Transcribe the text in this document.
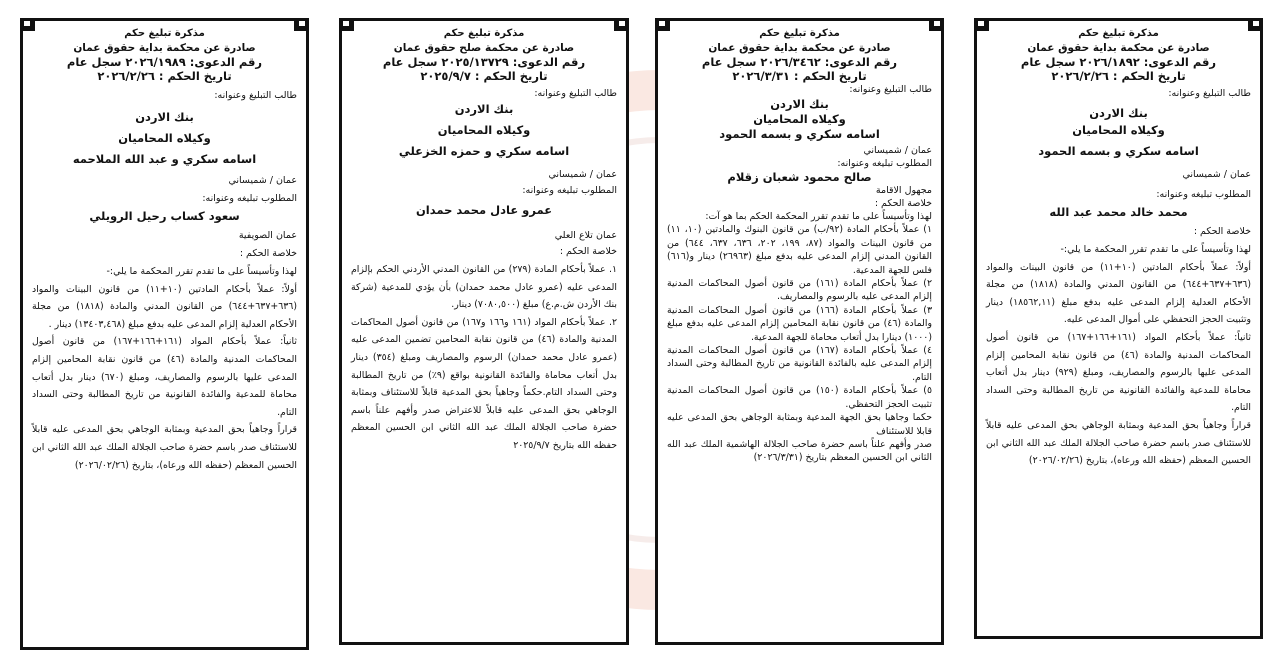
مذكرة تبليغ حكم
صادرة عن محكمة بداية حقوق عمان
رقم الدعوى: ٢٠٢٦/١٨٩٢ سجل عام
تاريخ الحكم : ٢٠٢٦/٢/٢٦
طالب التبليغ وعنوانه:
بنك الاردن
وكيلاه المحاميان
اسامه سكري و بسمه الحمود
عمان / شميساني
المطلوب تبليغه وعنوانه:
محمد خالد محمد عبد الله
خلاصة الحكم :

لهذا وتأسيساً على ما تقدم تقرر المحكمة ما يلي:-

أولاً: عملاً بأحكام المادتين (١٠+١١) من قانون البينات والمواد (٦٣٦+٦٣٧+٦٤٤) من القانون المدني والمادة (١٨١٨) من مجلة الأحكام العدلية إلزام المدعى عليه بدفع مبلغ (١٨٥٦٢,١١) دينار وتثبيت الحجز التحفظي على أموال المدعى عليه.

ثانياً: عملاً بأحكام المواد (١٦١+١٦٦+١٦٧) من قانون أصول المحاكمات المدنية والمادة (٤٦) من قانون نقابة المحامين إلزام المدعى عليها بالرسوم والمصاريف، ومبلغ (٩٢٩) دينار بدل أتعاب محاماة للمدعية والفائدة القانونية من تاريخ المطالبة وحتى السداد التام.

قراراً وجاهياً بحق المدعية وبمثابة الوجاهي بحق المدعى عليه قابلاً للاستئناف صدر باسم حضرة صاحب الجلالة الملك عبد الله الثاني ابن الحسين المعظم (حفظه الله ورعاه)، بتاريخ (٢٠٢٦/٠٢/٢٦)

مذكرة تبليغ حكم
صادرة عن محكمة بداية حقوق عمان
رقم الدعوى: ٢٠٢٦/٣٤٦٢ سجل عام
تاريخ الحكم : ٢٠٢٦/٣/٣١
طالب التبليغ وعنوانه:
بنك الاردن
وكيلاه المحاميان
اسامه سكري و بسمه الحمود
عمان / شميساني
المطلوب تبليغه وعنوانه:
صالح محمود شعبان زقلام
مجهول الاقامة
خلاصة الحكم :

لهذا وتأسيساً على ما تقدم تقرر المحكمة الحكم بما هو آت:

١) عملاً بأحكام المادة (٩٢/ب) من قانون البنوك والمادتين (١٠، ١١) من قانون البينات والمواد (٨٧، ١٩٩، ٢٠٢، ٦٣٦، ٦٣٧، ٦٤٤) من القانون المدني إلزام المدعى عليه بدفع مبلغ (٢٦٩٦٣) دينار و(٦١٦) فلس للجهة المدعية.

٢) عملاً بأحكام المادة (١٦١) من قانون أصول المحاكمات المدنية إلزام المدعى عليه بالرسوم والمصاريف.

٣) عملاً بأحكام المادة (١٦٦) من قانون أصول المحاكمات المدنية والمادة (٤٦) من قانون نقابة المحامين إلزام المدعى عليه بدفع مبلغ (١٠٠٠) دينارا بدل أتعاب محاماة للجهة المدعية.

٤) عملاً بأحكام المادة (١٦٧) من قانون أصول المحاكمات المدنية إلزام المدعى عليه بالفائدة القانونية من تاريخ المطالبة وحتى السداد التام.

٥) عملاً بأحكام المادة (١٥٠) من قانون أصول المحاكمات المدنية تثبيت الحجز التحفظي.

حكما وجاهيا بحق الجهة المدعية وبمثابة الوجاهي بحق المدعى عليه قابلا للاستئناف

صدر وأفهم علناً باسم حضرة صاحب الجلالة الهاشمية الملك عبد الله الثاني ابن الحسين المعظم بتاريخ (٢٠٢٦/٣/٣١)

مذكرة تبليغ حكم
صادرة عن محكمة صلح حقوق عمان
رقم الدعوى: ٢٠٢٥/١٣٧٢٩ سجل عام
تاريخ الحكم : ٢٠٢٥/٩/٧
طالب التبليغ وعنوانه:
بنك الاردن
وكيلاه المحاميان
اسامه سكري و حمزه الخزعلي
عمان / شميساني
المطلوب تبليغه وعنوانه:
عمرو عادل محمد حمدان
عمان تلاع العلي
خلاصة الحكم :

١. عملاً بأحكام المادة (٢٧٩) من القانون المدني الأردني الحكم بإلزام المدعى عليه (عمرو عادل محمد حمدان) بأن يؤدي للمدعية (شركة بنك الأردن ش.م.ع) مبلغ (٧٠٨٠,٥٠٠) دينار.

٢. عملاً بأحكام المواد (١٦١ و١٦٦ و١٦٧) من قانون أصول المحاكمات المدنية والمادة (٤٦) من قانون نقابة المحامين تضمين المدعى عليه (عمرو عادل محمد حمدان) الرسوم والمصاريف ومبلغ (٣٥٤) دينار بدل أتعاب محاماة والفائدة القانونية بواقع (٩٪) من تاريخ المطالبة وحتى السداد التام.حكماً وجاهياً بحق المدعية قابلاً للاستئناف وبمثابة الوجاهي بحق المدعى عليه قابلاً للاعتراض صدر وأفهم علناً باسم حضرة صاحب الجلالة الملك عبد الله الثاني ابن الحسين المعظم حفظه الله بتاريخ ٢٠٢٥/٩/٧

مذكرة تبليغ حكم
صادرة عن محكمة بداية حقوق عمان
رقم الدعوى: ٢٠٢٦/١٩٨٩ سجل عام
تاريخ الحكم : ٢٠٢٦/٢/٢٦
طالب التبليغ وعنوانه:
بنك الاردن
وكيلاه المحاميان
اسامه سكري و عبد الله الملاحمه
عمان / شميساني
المطلوب تبليغه وعنوانه:
سعود كساب رحيل الرويلي
عمان الصويفية
خلاصة الحكم :

لهذا وتأسيساً على ما تقدم تقرر المحكمة ما يلي:-

أولاً: عملاً بأحكام المادتين (١٠+١١) من قانون البينات والمواد (٦٣٦+٦٣٧+٦٤٤) من القانون المدني والمادة (١٨١٨) من مجلة الأحكام العدلية إلزام المدعى عليه بدفع مبلغ (١٣٤٠٣,٤٦٨) دينار .

ثانياً: عملاً بأحكام المواد (١٦١+١٦٦+١٦٧) من قانون أصول المحاكمات المدنية والمادة (٤٦) من قانون نقابة المحامين إلزام المدعى عليها بالرسوم والمصاريف، ومبلغ (٦٧٠) دينار بدل أتعاب محاماة للمدعية والفائدة القانونية من تاريخ المطالبة وحتى السداد التام.

قراراً وجاهياً بحق المدعية وبمثابة الوجاهي بحق المدعى عليه قابلاً للاستئناف صدر باسم حضرة صاحب الجلالة الملك عبد الله الثاني ابن الحسين المعظم (حفظه الله ورعاه)، بتاريخ (٢٠٢٦/٠٢/٢٦)
